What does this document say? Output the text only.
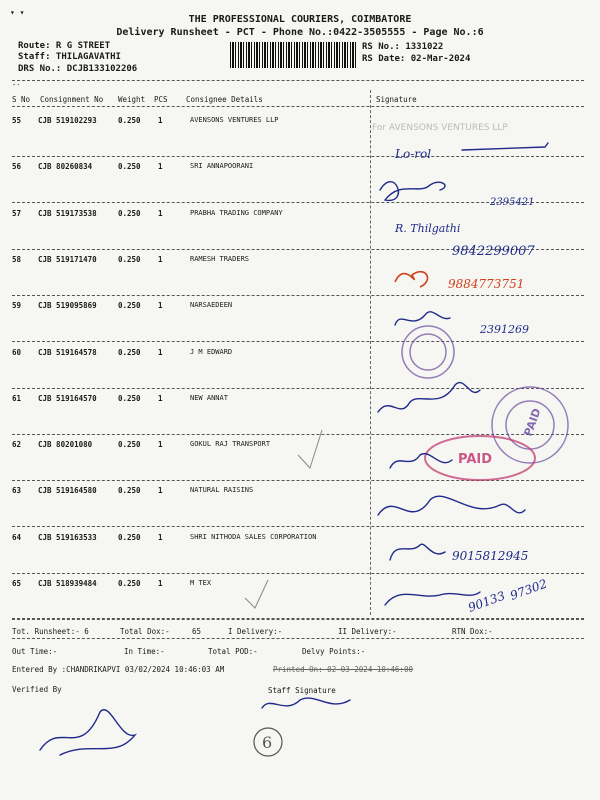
▾ ▾
THE PROFESSIONAL COURIERS, COIMBATORE
Delivery Runsheet - PCT - Phone No.:0422-3505555 - Page No.:6
Route: R G STREET
Staff: THILAGAVATHI
DRS No.: DCJB133102206
RS No.: 1331022
RS Date: 02-Mar-2024
--
S No Consignment No Weight PCS Consignee Details	Signature
55 CJB 519102293	0.250 1	AVENSONS VENTURES LLP
56 CJB 80260834	0.250 1	SRI ANNAPOORANI
57 CJB 519173538	0.250 1	PRABHA TRADING COMPANY
58 CJB 519171470	0.250 1	RAMESH TRADERS
59 CJB 519095869	0.250 1	NARSAEDEEN
60 CJB 519164578	0.250 1	J M EDWARD
61 CJB 519164570	0.250 1	NEW ANNAT
62 CJB 80201080	0.250 1	GOKUL RAJ TRANSPORT
63 CJB 519164580	0.250 1	NATURAL RAISINS
64 CJB 519163533	0.250 1	SHRI NITHODA SALES CORPORATION
65 CJB 518939484	0.250 1	M TEX
For AVENSONS VENTURES LLP
PAID
PAID
Lo-rol
2395421
R. Thilgathi
9842299007
9884773751
2391269
9015812945
90133 97302
6
Tot. Runsheet:- 6	Total Dox:-	65	I Delivery:-	II Delivery:-	RTN Dox:-
Out Time:-	In Time:-	Total POD:-	Delvy Points:-
Entered By :CHANDRIKAPVI 03/02/2024 10:46:03 AM	Printed On: 02-03-2024 10:46:00
Verified By	Staff Signature
